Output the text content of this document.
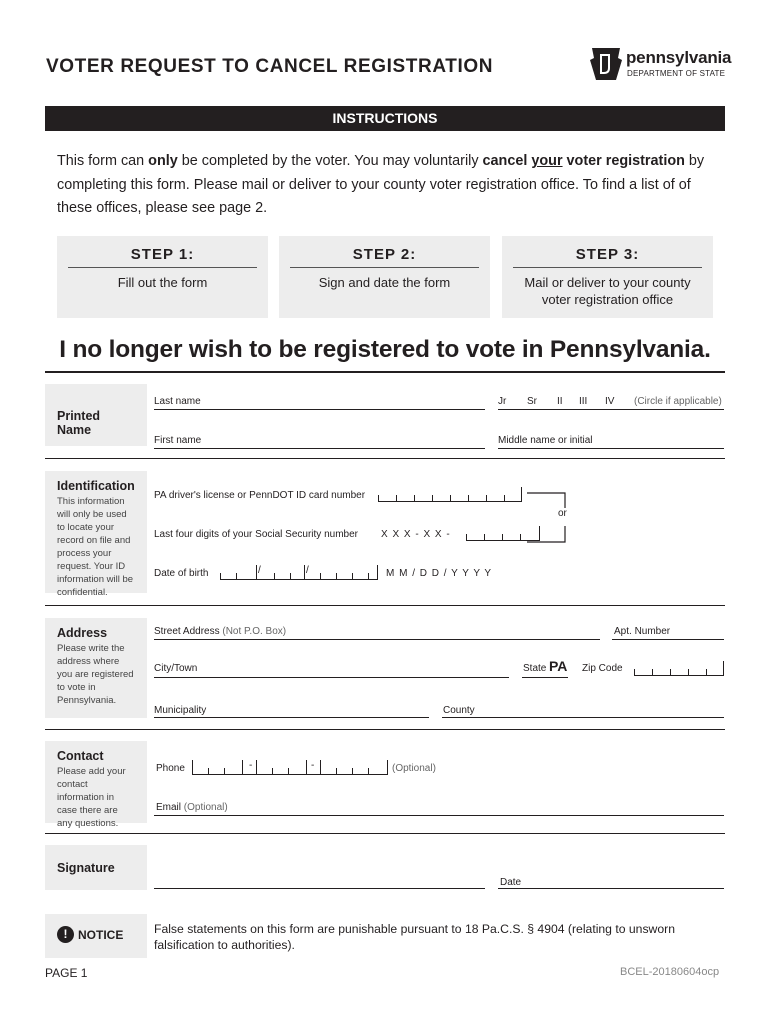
VOTER REQUEST TO CANCEL REGISTRATION	pennsylvania
DEPARTMENT OF STATE
INSTRUCTIONS
This form can only be completed by the voter. You may voluntarily cancel your voter registration by completing this form. Please mail or deliver to your county voter registration office. To find a list of of these offices, please see page 2.
STEP 1:
Fill out the form
STEP 2:
Sign and date the form
STEP 3:
Mail or deliver to your county voter registration office
I no longer wish to be registered to vote in Pennsylvania.
Printed Name
Last name	Jr Sr II III IV (Circle if applicable)
First name	Middle name or initial
Identification
This information will only be used to locate your record on file and process your request. Your ID information will be confidential.
PA driver's license or PennDOT ID card number
or
Last four digits of your Social Security number X X X - X X -
Date of birth	/	/	M M / D D / Y Y Y Y
Address
Please write the address where you are registered to vote in Pennsylvania.
Street Address (Not P.O. Box)	Apt. Number
City/Town	State PA Zip Code
Municipality	County
Contact
Please add your contact information in case there are any questions.
Phone	-	-	(Optional)
Email (Optional)
Signature
Date
! NOTICE	False statements on this form are punishable pursuant to 18 Pa.C.S. § 4904 (relating to unsworn falsification to authorities).
PAGE 1	BCEL-20180604ocp
